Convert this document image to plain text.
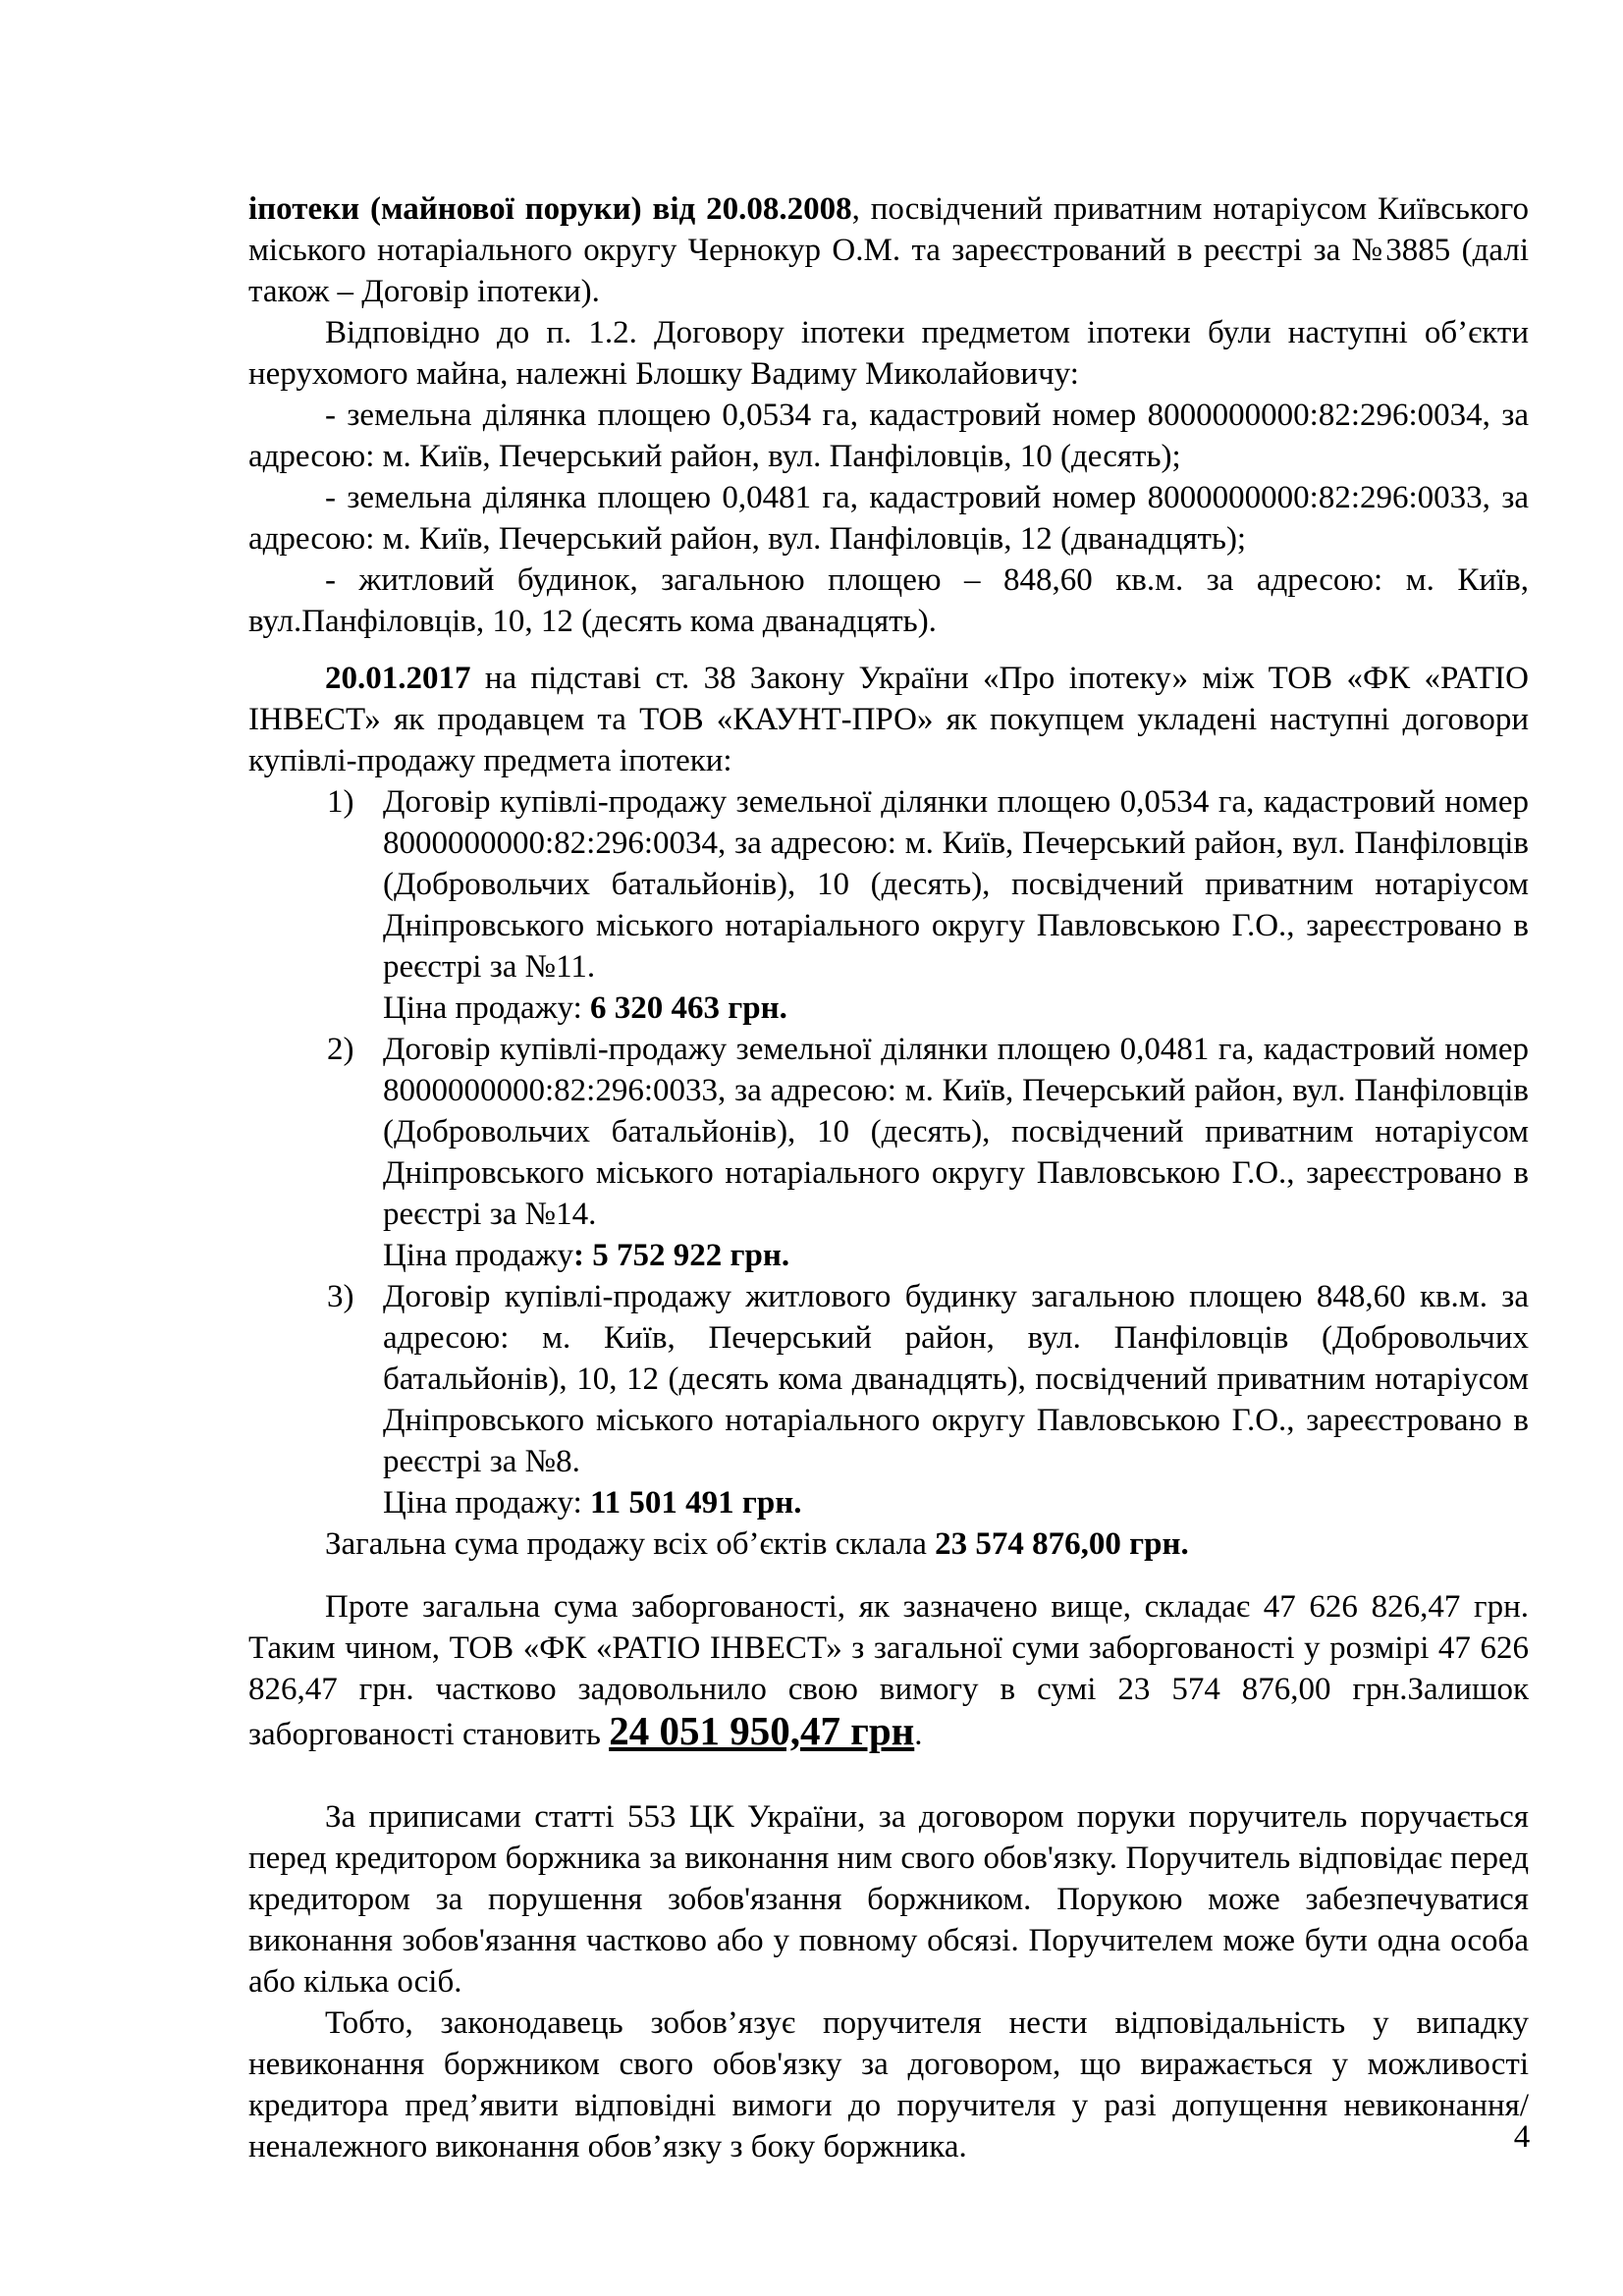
іпотеки (майнової поруки) від 20.08.2008, посвідчений приватним нотаріусом Київського міського нотаріального округу Чернокур О.М. та зареєстрований в реєстрі за №3885 (далі також – Договір іпотеки).

Відповідно до п. 1.2. Договору іпотеки предметом іпотеки були наступні об’єкти нерухомого майна, належні Блошку Вадиму Миколайовичу:

- земельна ділянка площею 0,0534 га, кадастровий номер 8000000000:82:296:0034, за адресою: м. Київ, Печерський район, вул. Панфіловців, 10 (десять);

- земельна ділянка площею 0,0481 га, кадастровий номер 8000000000:82:296:0033, за адресою: м. Київ, Печерський район, вул. Панфіловців, 12 (дванадцять);

- житловий будинок, загальною площею – 848,60 кв.м. за адресою: м. Київ, вул.Панфіловців, 10, 12 (десять кома дванадцять).

20.01.2017 на підставі ст. 38 Закону України «Про іпотеку» між ТОВ «ФК «РАТІО ІНВЕСТ» як продавцем та ТОВ «КАУНТ-ПРО» як покупцем укладені наступні договори купівлі-продажу предмета іпотеки:

1) Договір купівлі-продажу земельної ділянки площею 0,0534 га, кадастровий номер 8000000000:82:296:0034, за адресою: м. Київ, Печерський район, вул. Панфіловців (Добровольчих батальйонів), 10 (десять), посвідчений приватним нотаріусом Дніпровського міського нотаріального округу Павловською Г.О., зареєстровано в реєстрі за №11.

Ціна продажу: 6 320 463 грн.

2) Договір купівлі-продажу земельної ділянки площею 0,0481 га, кадастровий номер 8000000000:82:296:0033, за адресою: м. Київ, Печерський район, вул. Панфіловців (Добровольчих батальйонів), 10 (десять), посвідчений приватним нотаріусом Дніпровського міського нотаріального округу Павловською Г.О., зареєстровано в реєстрі за №14.

Ціна продажу: 5 752 922 грн.

3) Договір купівлі-продажу житлового будинку загальною площею 848,60 кв.м. за адресою: м. Київ, Печерський район, вул. Панфіловців (Добровольчих батальйонів), 10, 12 (десять кома дванадцять), посвідчений приватним нотаріусом Дніпровського міського нотаріального округу Павловською Г.О., зареєстровано в реєстрі за №8.

Ціна продажу: 11 501 491 грн.

Загальна сума продажу всіх об’єктів склала 23 574 876,00 грн.

Проте загальна сума заборгованості, як зазначено вище, складає 47 626 826,47 грн. Таким чином, ТОВ «ФК «РАТІО ІНВЕСТ» з загальної суми заборгованості у розмірі 47 626 826,47 грн. частково задовольнило свою вимогу в сумі 23 574 876,00 грн.Залишок заборгованості становить 24 051 950,47 грн.

За приписами статті 553 ЦК України, за договором поруки поручитель поручається перед кредитором боржника за виконання ним свого обов'язку. Поручитель відповідає перед кредитором за порушення зобов'язання боржником. Порукою може забезпечуватися виконання зобов'язання частково або у повному обсязі. Поручителем може бути одна особа або кілька осіб.

Тобто, законодавець зобов’язує поручителя нести відповідальність у випадку невиконання боржником свого обов'язку за договором, що виражається у можливості кредитора пред’явити відповідні вимоги до поручителя у разі допущення невиконання/неналежного виконання обов’язку з боку боржника.	4
